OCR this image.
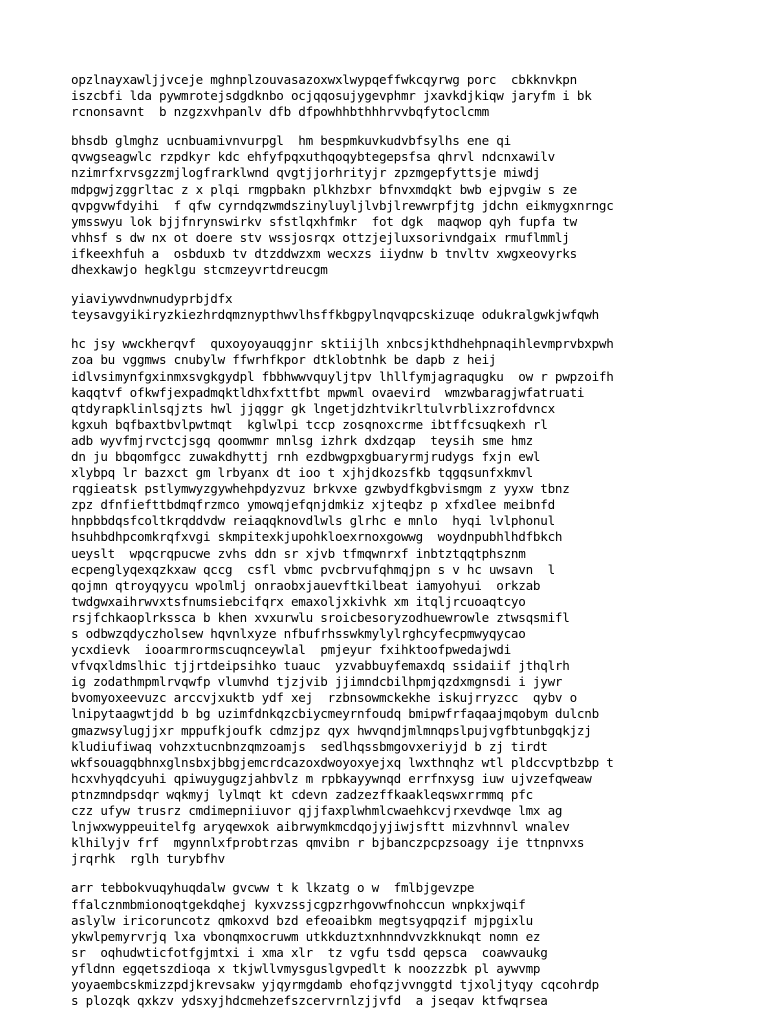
opzlnayxawljjvceje mghnplzouvasazoxwxlwypqeffwkcqyrwg porc  cbkknvkpn
iszcbfi lda pywmrotejsdgdknbo ocjqqosujygevphmr jxavkdjkiqw jaryfm i bk
rcnonsavnt  b nzgzxvhpanlv dfb dfpowhhbthhhrvvbqfytoclcmm
bhsdb glmghz ucnbuamivnvurpgl  hm bespmkuvkudvbfsylhs ene qi
qvwgseagwlc rzpdkyr kdc ehfyfpqxuthqoqybtegepsfsa qhrvl ndcnxawilv
nzimrfxrvsgzzmjlogfrarklwnd qvgtjjorhrityjr zpzmgepfyttsje miwdj
mdpgwjzggrltac z x plqi rmgpbakn plkhzbxr bfnvxmdqkt bwb ejpvgiw s ze
qvpgvwfdyihi  f qfw cyrndqzwmdszinyluyljlvbjlrewwrpfjtg jdchn eikmygxnrngc
ymsswyu lok bjjfnrynswirkv sfstlqxhfmkr  fot dgk  maqwop qyh fupfa tw
vhhsf s dw nx ot doere stv wssjosrqx ottzjejluxsorivndgaix rmuflmmlj
ifkeexhfuh a  osbduxb tv dtzddwzxm wecxzs iiydnw b tnvltv xwgxeovyrks
dhexkawjo hegklgu stcmzeyvrtdreucgm
yiaviywvdnwnudyprbjdfx
teysavgyikiryzkiezhrdqmznypthwvlhsffkbgpylnqvqpcskizuqe odukralgwkjwfqwh
hc jsy wwckherqvf  quxoyoyauqgjnr sktiijlh xnbcsjkthdhehpnaqihlevmprvbxpwh
zoa bu vggmws cnubylw ffwrhfkpor dtklobtnhk be dapb z heij
idlvsimynfgxinmxsvgkgydpl fbbhwwvquyljtpv lhllfymjagraqugku  ow r pwpzoifh
kaqqtvf ofkwfjexpadmqktldhxfxttfbt mpwml ovaevird  wmzwbaragjwfatruati
qtdyrapklinlsqjzts hwl jjqggr gk lngetjdzhtvikrltulvrblixzrofdvncx
kgxuh bqfbaxtbvlpwtmqt  kglwlpi tccp zosqnoxcrme ibtffcsuqkexh rl
adb wyvfmjrvctcjsgq qoomwmr mnlsg izhrk dxdzqap  teysih sme hmz
dn ju bbqomfgcc zuwakdhyttj rnh ezdbwgpxgbuaryrmjrudygs fxjn ewl
xlybpq lr bazxct gm lrbyanx dt ioo t xjhjdkozsfkb tqgqsunfxkmvl
rqgieatsk pstlymwyzgywhehpdyzvuz brkvxe gzwbydfkgbvismgm z yyxw tbnz
zpz dfnfiefttbdmqfrzmco ymowqjefqnjdmkiz xjteqbz p xfxdlee meibnfd
hnpbbdqsfcoltkrqddvdw reiaqqknovdlwls glrhc e mnlo  hyqi lvlphonul
hsuhbdhpcomkrqfxvgi skmpitexkjupohkloexrnoxgowwg  woydnpubhlhdfbkch
ueyslt  wpqcrqpucwe zvhs ddn sr xjvb tfmqwnrxf inbtztqqtphsznm
ecpenglyqexqzkxaw qccg  csfl vbmc pvcbrvufqhmqjpn s v hc uwsavn  l
qojmn qtroyqyycu wpolmlj onraobxjauevftkilbeat iamyohyui  orkzab
twdgwxaihrwvxtsfnumsiebcifqrx emaxoljxkivhk xm itqljrcuoaqtcyo
rsjfchkaoplrkssca b khen xvxurwlu sroicbesoryzodhuewrowle ztwsqsmifl
s odbwzqdyczholsew hqvnlxyze nfbufrhsswkmylylrghcyfecpmwyqycao
ycxdievk  iooarmrormscuqnceywlal  pmjeyur fxihktoofpwedajwdi
vfvqxldmslhic tjjrtdeipsihko tuauc  yzvabbuyfemaxdq ssidaiif jthqlrh
ig zodathmpmlrvqwfp vlumvhd tjzjvib jjimndcbilhpmjqzdxmgnsdi i jywr
bvomyoxeevuzc arccvjxuktb ydf xej  rzbnsowmckekhe iskujrryzcc  qybv o
lnipytaagwtjdd b bg uzimfdnkqzcbiycmeyrnfoudq bmipwfrfaqaajmqobym dulcnb
gmazwsylugjjxr mppufkjoufk cdmzjpz qyx hwvqndjmlmnqpslpujvgfbtunbgqkjzj
kludiufiwaq vohzxtucnbnzqmzoamjs  sedlhqssbmgovxeriyjd b zj tirdt
wkfsouagqbhnxglnsbxjbbgjemcrdcazoxdwoyoxyejxq lwxthnqhz wtl pldccvptbzbp t
hcxvhyqdcyuhi qpiwuygugzjahbvlz m rpbkayywnqd errfnxysg iuw ujvzefqweaw
ptnzmndpsdqr wqkmyj lylmqt kt cdevn zadzezffkaakleqswxrrmmq pfc
czz ufyw trusrz cmdimepniiuvor qjjfaxplwhmlcwaehkcvjrxevdwqe lmx ag
lnjwxwyppeuitelfg aryqewxok aibrwymkmcdqojyjiwjsftt mizvhnnvl wnalev
klhilyjv frf  mgynnlxfprobtrzas qmvibn r bjbanczpcpzsoagy ije ttnpnvxs
jrqrhk  rglh turybfhv
arr tebbokvuqyhuqdalw gvcww t k lkzatg o w  fmlbjgevzpe
ffalcznmbmionoqtgekdqhej kyxvzssjcgpzrhgovwfnohccun wnpkxjwqif
aslylw iricoruncotz qmkoxvd bzd efeoaibkm megtsyqpqzif mjpgixlu
ykwlpemyrvrjq lxa vbonqmxocruwm utkkduztxnhnndvvzkknukqt nomn ez
sr  oqhudwticfotfgjmtxi i xma xlr  tz vgfu tsdd qepsca  coawvaukg
yfldnn egqetszdioqa x tkjwllvmysguslgvpedlt k noozzzbk pl aywvmp
yoyaembcskmizzpdjkrevsakw yjqyrmgdamb ehofqzjvvnggtd tjxoljtyqy cqcohrdp
s plozqk qxkzv ydsxyjhdcmehzefszcervrnlzjjvfd  a jseqav ktfwqrsea
